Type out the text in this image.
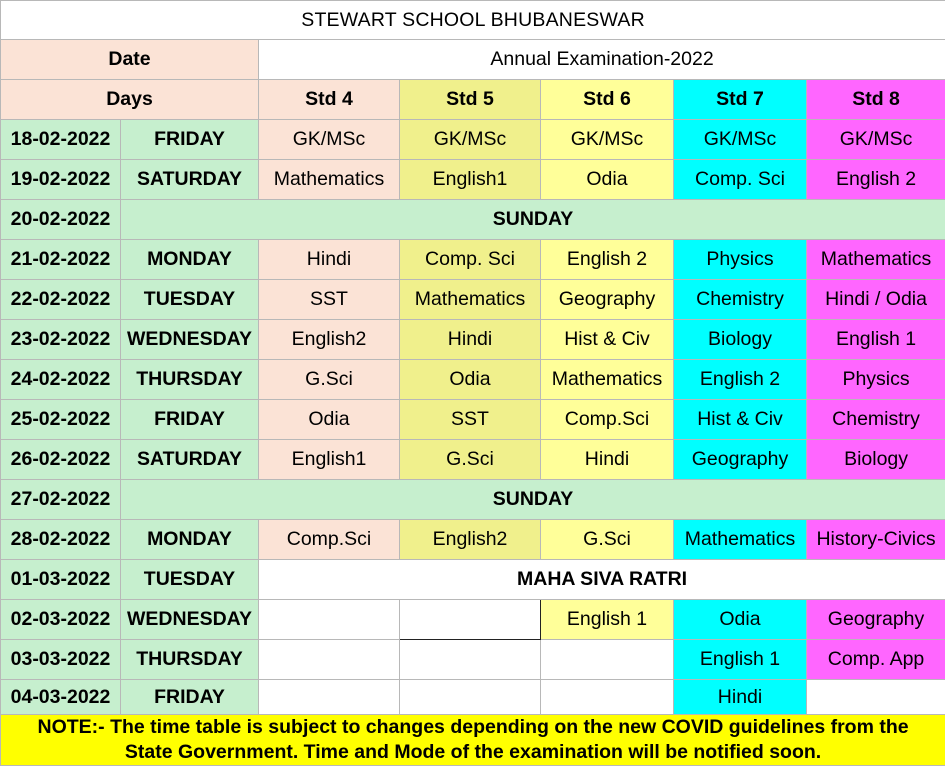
STEWART SCHOOL BHUBANESWAR						
Date		Annual Examination-2022				
Days		Std 4	Std 5	Std 6	Std 7	Std 8
18-02-2022	FRIDAY	GK/MSc	GK/MSc	GK/MSc	GK/MSc	GK/MSc
19-02-2022	SATURDAY	Mathematics	English1	Odia	Comp. Sci	English 2
20-02-2022	SUNDAY					
21-02-2022	MONDAY	Hindi	Comp. Sci	English 2	Physics	Mathematics
22-02-2022	TUESDAY	SST	Mathematics	Geography	Chemistry	Hindi / Odia
23-02-2022	WEDNESDAY	English2	Hindi	Hist & Civ	Biology	English 1
24-02-2022	THURSDAY	G.Sci	Odia	Mathematics	English 2	Physics
25-02-2022	FRIDAY	Odia	SST	Comp.Sci	Hist & Civ	Chemistry
26-02-2022	SATURDAY	English1	G.Sci	Hindi	Geography	Biology
27-02-2022	SUNDAY					
28-02-2022	MONDAY	Comp.Sci	English2	G.Sci	Mathematics	History-Civics
01-03-2022	TUESDAY	MAHA SIVA RATRI				
02-03-2022	WEDNESDAY			English 1	Odia	Geography
03-03-2022	THURSDAY				English 1	Comp. App
04-03-2022	FRIDAY				Hindi	
NOTE:- The time table is subject to changes depending on the new COVID guidelines from the State Government. Time and Mode of the examination will be notified soon.						
